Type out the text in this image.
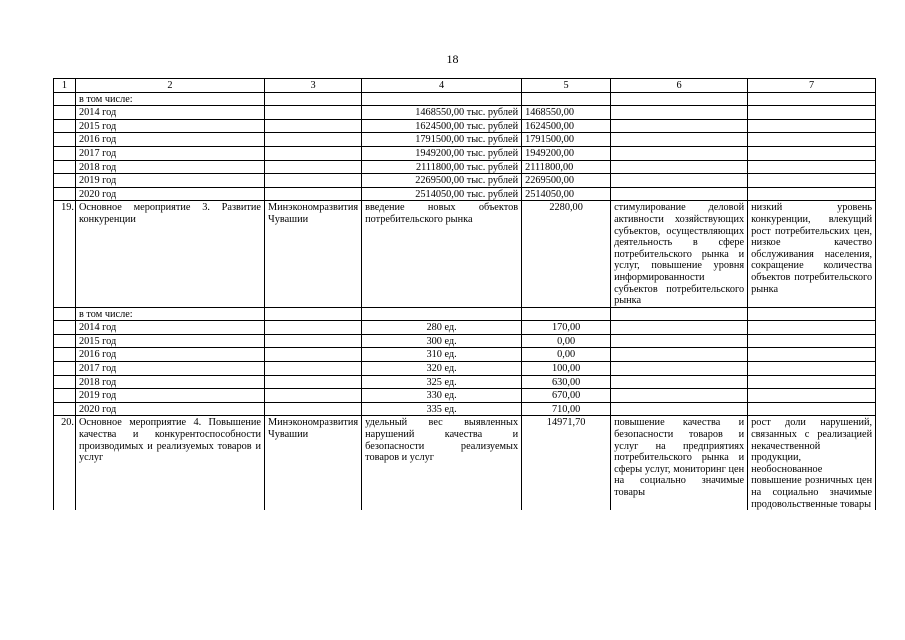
18
1	2	3	4	5	6	7
	в том числе:					
	2014 год		1468550,00 тыс. рублей	1468550,00		
	2015 год		1624500,00 тыс. рублей	1624500,00		
	2016 год		1791500,00 тыс. рублей	1791500,00		
	2017 год		1949200,00 тыс. рублей	1949200,00		
	2018 год		2111800,00 тыс. рублей	2111800,00		
	2019 год		2269500,00 тыс. рублей	2269500,00		
	2020 год		2514050,00 тыс. рублей	2514050,00		
19.	Основное мероприятие 3. Развитие конкуренции	Минэкономразвития Чувашии	введение новых объектов потребительского рынка	2280,00	стимулирование деловой активности хозяйствующих субъектов, осуществляющих деятельность в сфере потребительского рынка и услуг, повышение уровня информированности субъектов потребительского рынка	низкий уровень конкуренции, влекущий рост потребительских цен, низкое качество обслуживания населения, сокращение количества объектов потребительского рынка
	в том числе:					
	2014 год		280 ед.	170,00		
	2015 год		300 ед.	0,00		
	2016 год		310 ед.	0,00		
	2017 год		320 ед.	100,00		
	2018 год		325 ед.	630,00		
	2019 год		330 ед.	670,00		
	2020 год		335 ед.	710,00		
20.	Основное мероприятие 4. Повышение качества и конкурентоспособности производимых и реализуемых товаров и услуг	Минэкономразвития Чувашии	удельный вес выявленных нарушений качества и безопасности реализуемых товаров и услуг	14971,70	повышение качества и безопасности товаров и услуг на предприятиях потребительского рынка и сферы услуг, мониторинг цен на социально значимые товары	рост доли нарушений, связанных с реализацией некачественной продукции, необоснованное повышение розничных цен на социально значимые продовольственные товары
